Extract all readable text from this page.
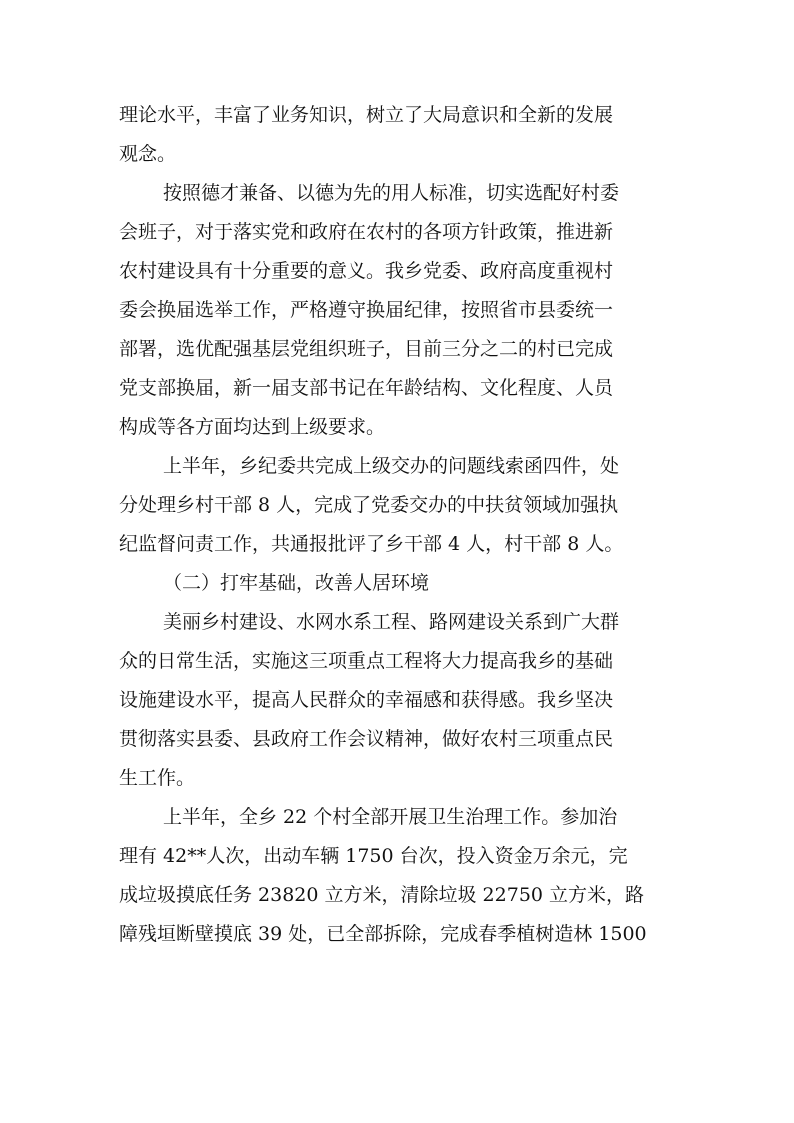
理论水平，丰富了业务知识，树立了大局意识和全新的发展
观念。
按照德才兼备、以德为先的用人标准，切实选配好村委
会班子，对于落实党和政府在农村的各项方针政策，推进新
农村建设具有十分重要的意义。我乡党委、政府高度重视村
委会换届选举工作，严格遵守换届纪律，按照省市县委统一
部署，选优配强基层党组织班子，目前三分之二的村已完成
党支部换届，新一届支部书记在年龄结构、文化程度、人员
构成等各方面均达到上级要求。
上半年，乡纪委共完成上级交办的问题线索函四件，处
分处理乡村干部 8 人，完成了党委交办的中扶贫领域加强执
纪监督问责工作，共通报批评了乡干部 4 人，村干部 8 人。
（二）打牢基础，改善人居环境
美丽乡村建设、水网水系工程、路网建设关系到广大群
众的日常生活，实施这三项重点工程将大力提高我乡的基础
设施建设水平，提高人民群众的幸福感和获得感。我乡坚决
贯彻落实县委、县政府工作会议精神，做好农村三项重点民
生工作。
上半年，全乡 22 个村全部开展卫生治理工作。参加治
理有 42**人次，出动车辆 1750 台次，投入资金万余元，完
成垃圾摸底任务 23820 立方米，清除垃圾 22750 立方米，路
障残垣断壁摸底 39 处，已全部拆除，完成春季植树造林 1500
